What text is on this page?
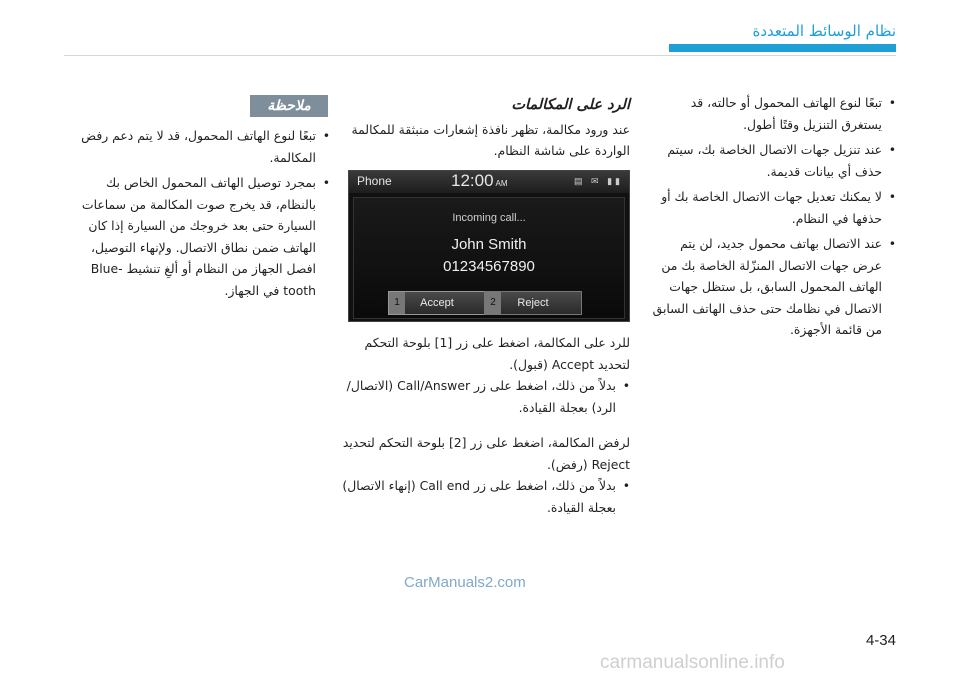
نظام الوسائط المتعددة
• تبعًا لنوع الهاتف المحمول أو حالته، قد يستغرق التنزيل وقتًا أطول.
• عند تنزيل جهات الاتصال الخاصة بك، سيتم حذف أي بيانات قديمة.
• لا يمكنك تعديل جهات الاتصال الخاصة بك أو حذفها في النظام.
• عند الاتصال بهاتف محمول جديد، لن يتم عرض جهات الاتصال المنزّلة الخاصة بك من الهاتف المحمول السابق، بل ستظل جهات الاتصال في نظامك حتى حذف الهاتف السابق من قائمة الأجهزة.
الرد على المكالمات
عند ورود مكالمة، تظهر نافذة إشعارات منبثقة للمكالمة الواردة على شاشة النظام.
Phone	12:00 AM	▤ ✉ ▮▮
Incoming call...
John Smith
01234567890
1	Accept	2	Reject
للرد على المكالمة، اضغط على زر [1] بلوحة التحكم لتحديد Accept (قبول).
• بدلاً من ذلك، اضغط على زر Call/Answer (الاتصال/الرد) بعجلة القيادة.
لرفض المكالمة، اضغط على زر [2] بلوحة التحكم لتحديد Reject (رفض).
• بدلاً من ذلك، اضغط على زر Call end (إنهاء الاتصال) بعجلة القيادة.
ملاحظة
• تبعًا لنوع الهاتف المحمول، قد لا يتم دعم رفض المكالمة.
• بمجرد توصيل الهاتف المحمول الخاص بك بالنظام، قد يخرج صوت المكالمة من سماعات السيارة حتى بعد خروجك من السيارة إذا كان الهاتف ضمن نطاق الاتصال. ولإنهاء التوصيل، افصل الجهاز من النظام أو ألغِ تنشيط Blue-tooth في الجهاز.
CarManuals2.com
4-34
carmanualsonline.info
